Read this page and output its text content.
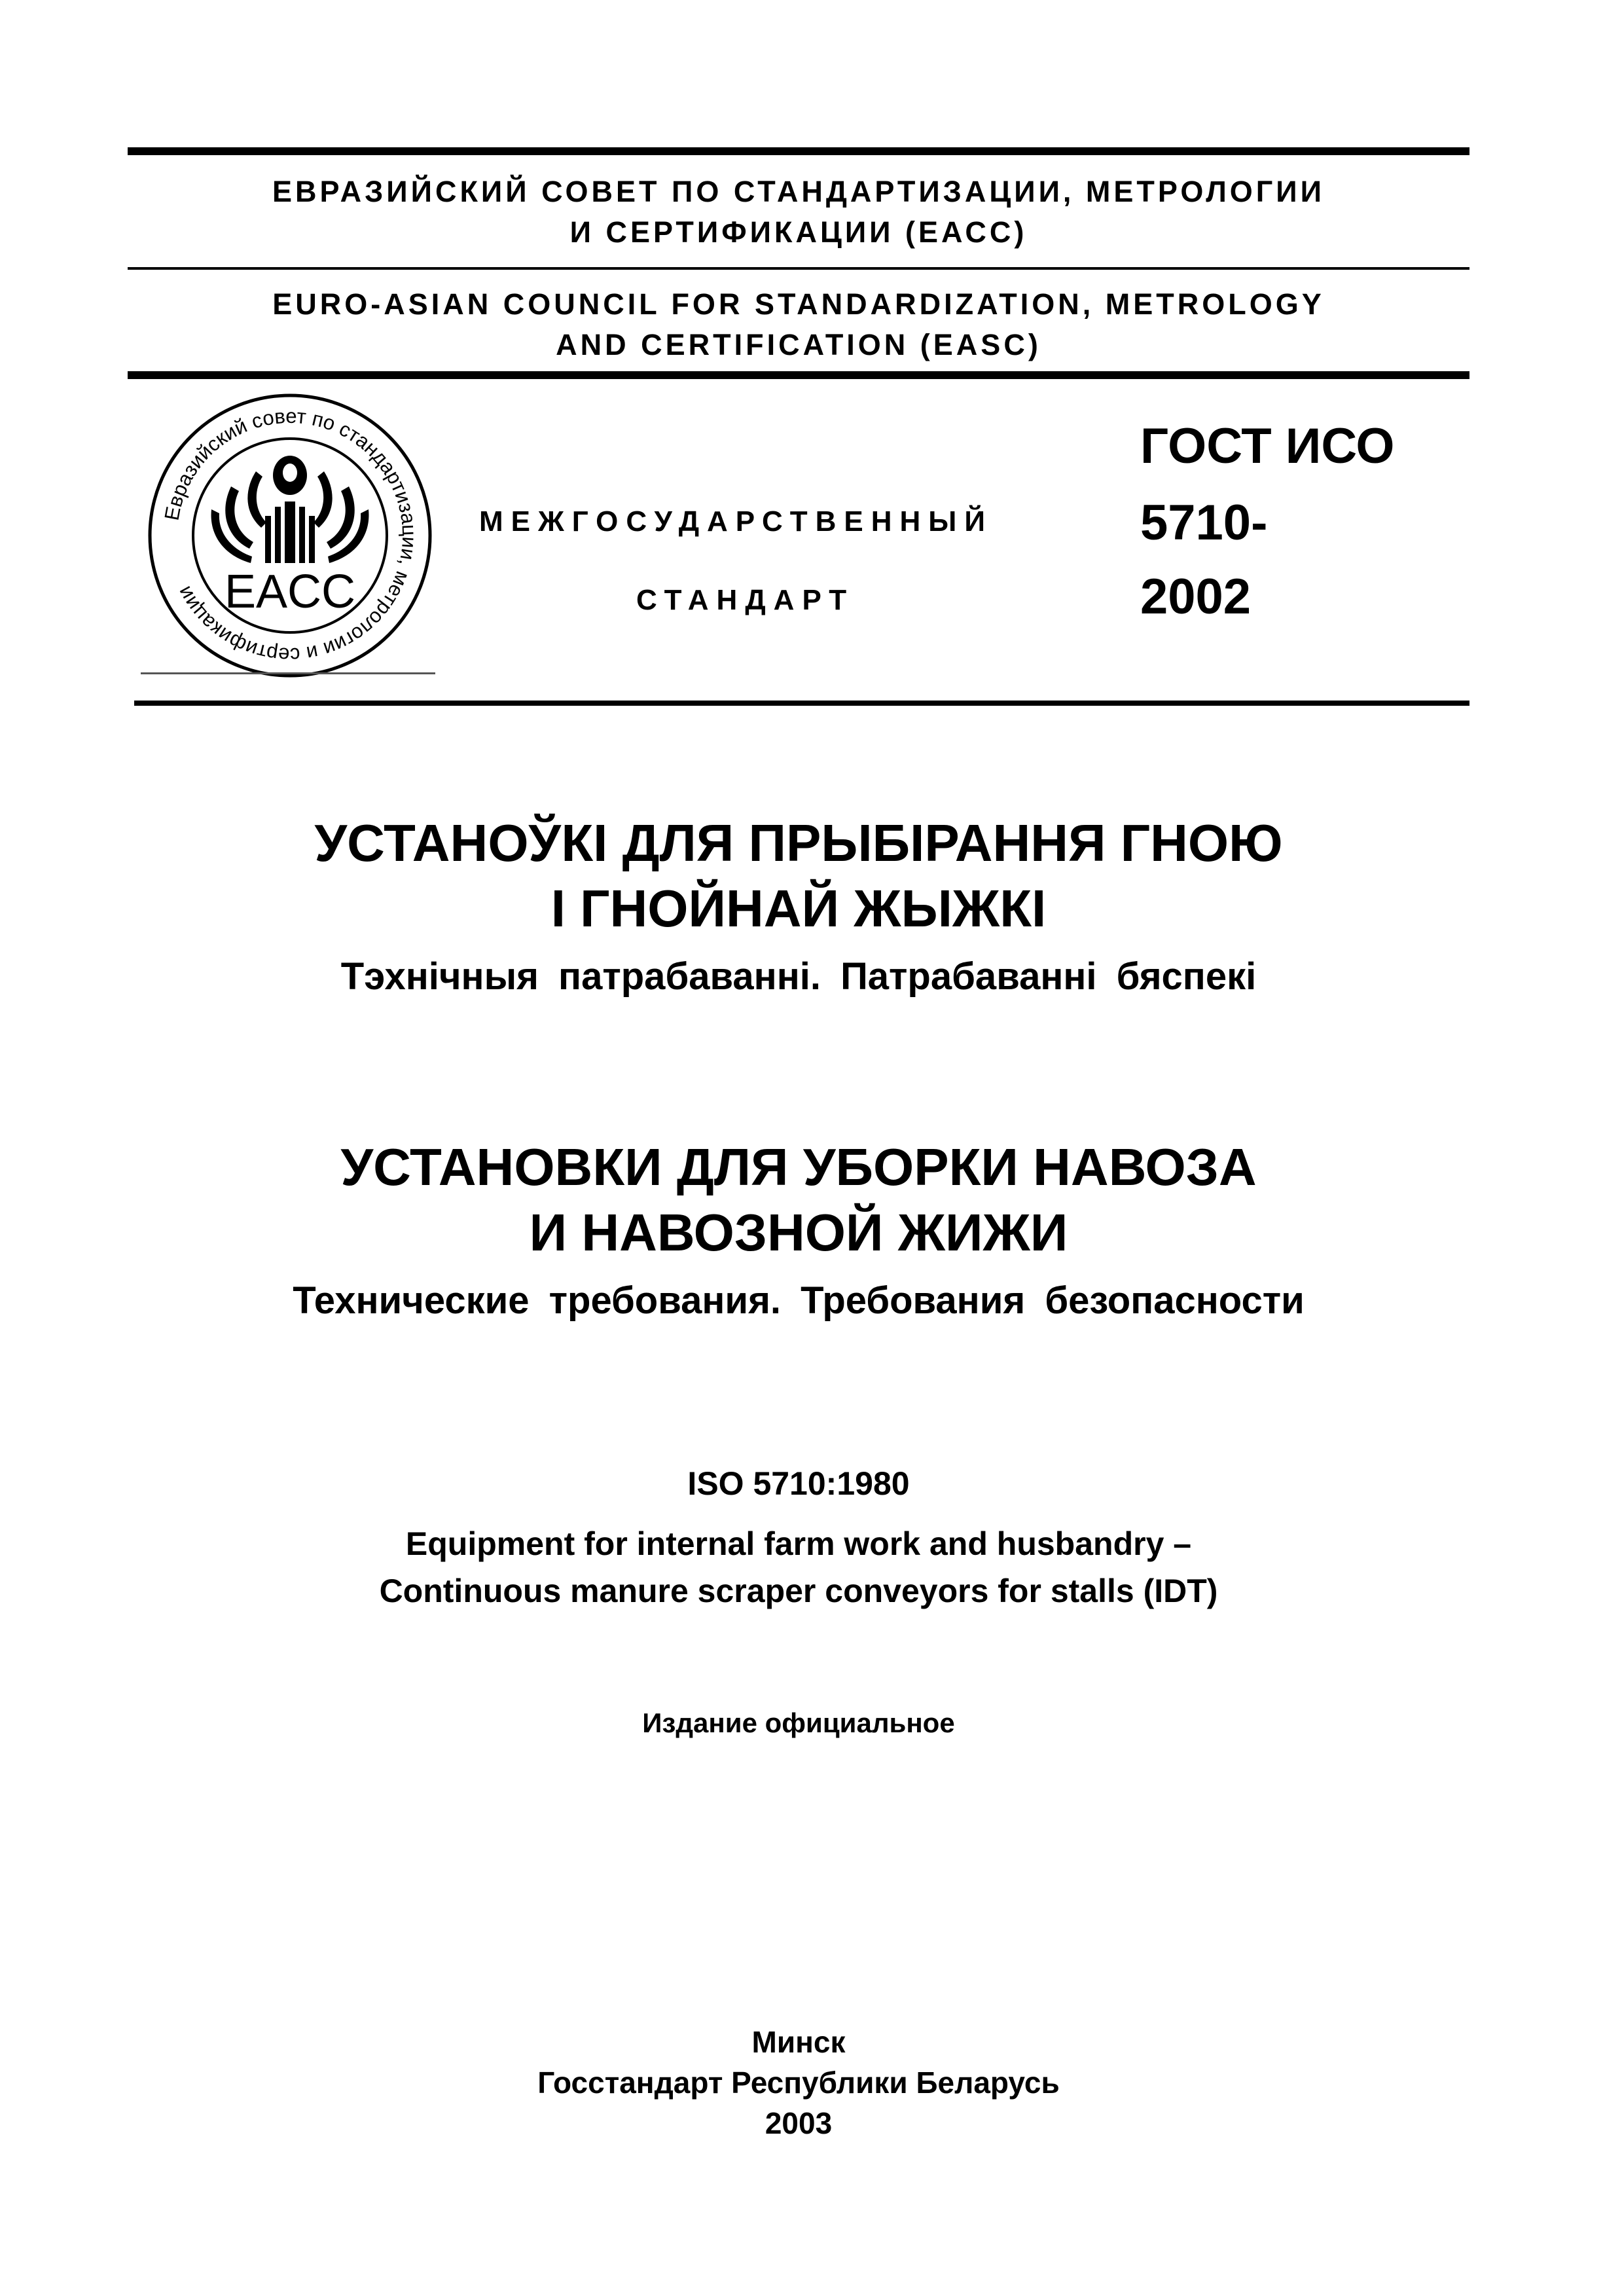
ЕВРАЗИЙСКИЙ СОВЕТ ПО СТАНДАРТИЗАЦИИ, МЕТРОЛОГИИ
И СЕРТИФИКАЦИИ (ЕАСС)
EURO-ASIAN COUNCIL FOR STANDARDIZATION, METROLOGY
AND CERTIFICATION (EASC)
Евразийский совет по стандартизации, метрологии и сертификации EACC
МЕЖГОСУДАРСТВЕННЫЙ
СТАНДАРТ
ГОСТ ИСО
5710-
2002
УСТАНОЎКІ ДЛЯ ПРЫБІРАННЯ ГНОЮ
І ГНОЙНАЙ ЖЫЖКІ
Тэхнічныя патрабаванні. Патрабаванні бяспекі
УСТАНОВКИ ДЛЯ УБОРКИ НАВОЗА
И НАВОЗНОЙ ЖИЖИ
Технические требования. Требования безопасности
ISO 5710:1980
Equipment for internal farm work and husbandry –
Continuous manure scraper conveyors for stalls (IDT)
Издание официальное
Минск
Госстандарт Республики Беларусь
2003
